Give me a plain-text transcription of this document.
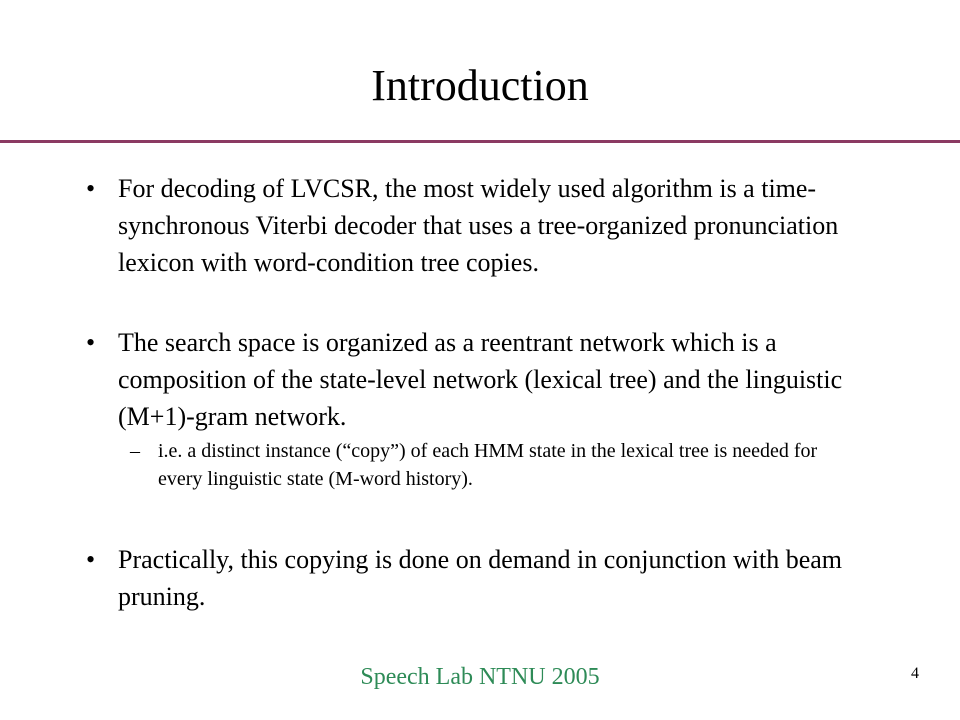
Introduction
• For decoding of LVCSR, the most widely used algorithm is a time-synchronous Viterbi decoder that uses a tree-organized pronunciation lexicon with word-condition tree copies.
• The search space is organized as a reentrant network which is a composition of the state-level network (lexical tree) and the linguistic (M+1)-gram network.
– i.e. a distinct instance (“copy”) of each HMM state in the lexical tree is needed for every linguistic state (M-word history).
• Practically, this copying is done on demand in conjunction with beam pruning.
Speech Lab NTNU 2005	4
